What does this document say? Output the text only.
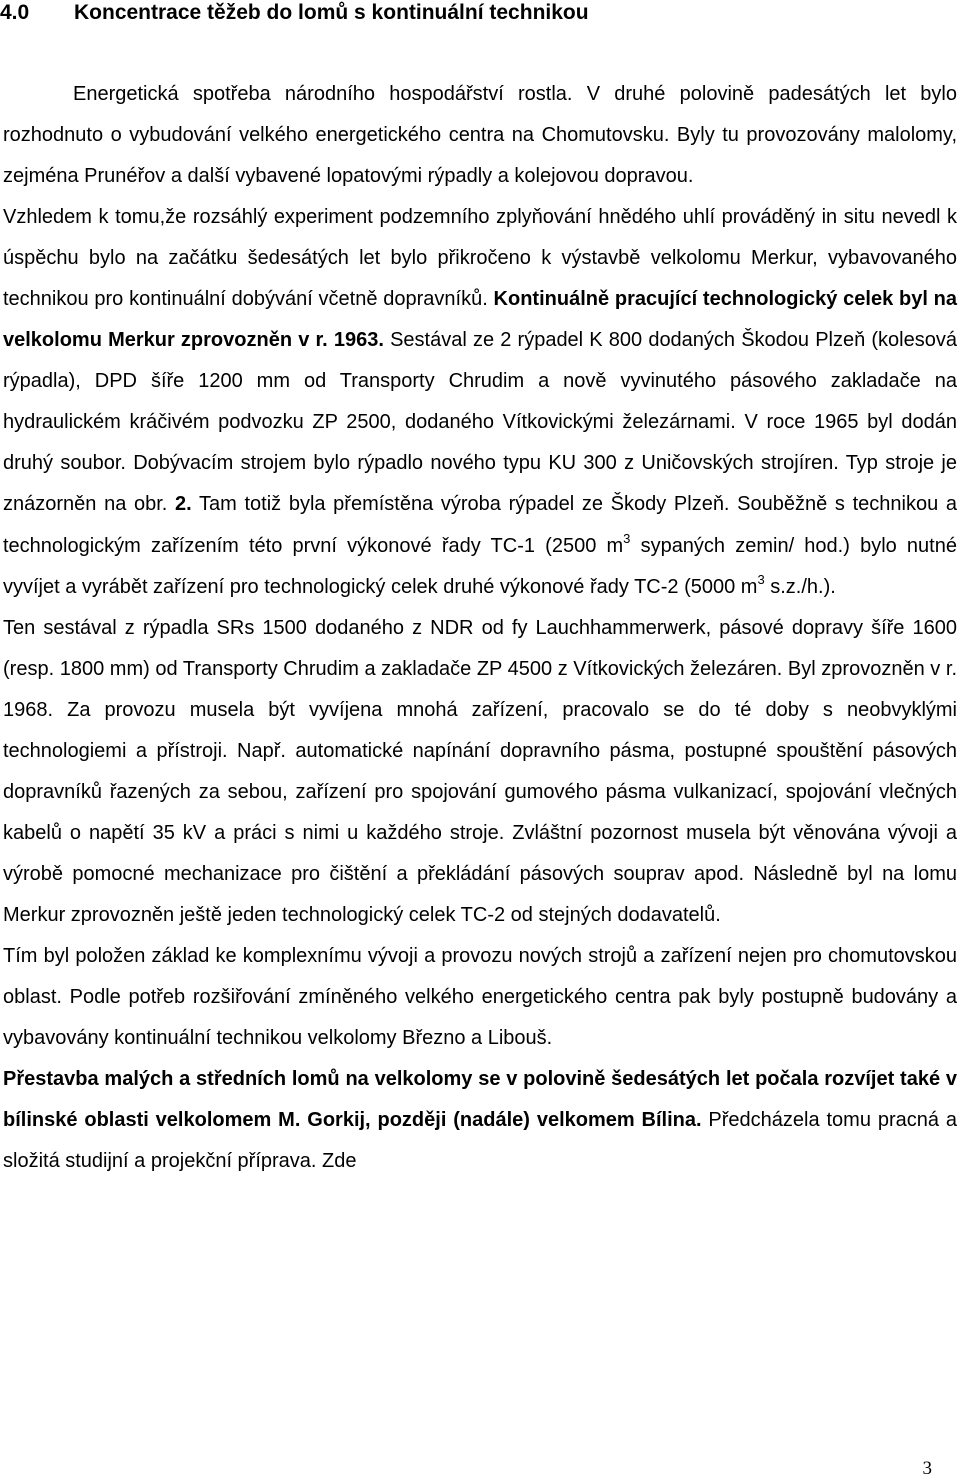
4.0 Koncentrace těžeb do lomů s kontinuální technikou

Energetická spotřeba národního hospodářství rostla. V druhé polovině padesátých let bylo rozhodnuto o vybudování velkého energetického centra na Chomutovsku. Byly tu provozovány malolomy, zejména Prunéřov a další vybavené lopatovými rýpadly a kolejovou dopravou.

Vzhledem k tomu,že rozsáhlý experiment podzemního zplyňování hnědého uhlí prováděný in situ nevedl k úspěchu bylo na začátku šedesátých let bylo přikročeno k výstavbě velkolomu Merkur, vybavovaného technikou pro kontinuální dobývání včetně dopravníků. Kontinuálně pracující technologický celek byl na velkolomu Merkur zprovozněn v r. 1963. Sestával ze 2 rýpadel K 800 dodaných Škodou Plzeň (kolesová rýpadla), DPD šíře 1200 mm od Transporty Chrudim a nově vyvinutého pásového zakladače na hydraulickém kráčivém podvozku ZP 2500, dodaného Vítkovickými železárnami. V roce 1965 byl dodán druhý soubor. Dobývacím strojem bylo rýpadlo nového typu KU 300 z Uničovských strojíren. Typ stroje je znázorněn na obr. 2. Tam totiž byla přemístěna výroba rýpadel ze Škody Plzeň. Souběžně s technikou a technologickým zařízením této první výkonové řady TC-1 (2500 $m^3$ sypaných zemin/ hod.) bylo nutné vyvíjet a vyrábět zařízení pro technologický celek druhé výkonové řady TC-2 (5000 $m^3$ s.z./h.).

Ten sestával z rýpadla SRs 1500 dodaného z NDR od fy Lauchhammerwerk, pásové dopravy šíře 1600 (resp. 1800 mm) od Transporty Chrudim a zakladače ZP 4500 z Vítkovických železáren. Byl zprovozněn v r. 1968. Za provozu musela být vyvíjena mnohá zařízení, pracovalo se do té doby s neobvyklými technologiemi a přístroji. Např. automatické napínání dopravního pásma, postupné spouštění pásových dopravníků řazených za sebou, zařízení pro spojování gumového pásma vulkanizací, spojování vlečných kabelů o napětí 35 kV a práci s nimi u každého stroje. Zvláštní pozornost musela být věnována vývoji a výrobě pomocné mechanizace pro čištění a překládání pásových souprav apod. Následně byl na lomu Merkur zprovozněn ještě jeden technologický celek TC-2 od stejných dodavatelů.

Tím byl položen základ ke komplexnímu vývoji a provozu nových strojů a zařízení nejen pro chomutovskou oblast. Podle potřeb rozšiřování zmíněného velkého energetického centra pak byly postupně budovány a vybavovány kontinuální technikou velkolomy Březno a Libouš.

Přestavba malých a středních lomů na velkolomy se v polovině šedesátých let počala rozvíjet také v bílinské oblasti velkolomem M. Gorkij, později (nadále) velkomem Bílina. Předcházela tomu pracná a složitá studijní a projekční příprava. Zde

3
